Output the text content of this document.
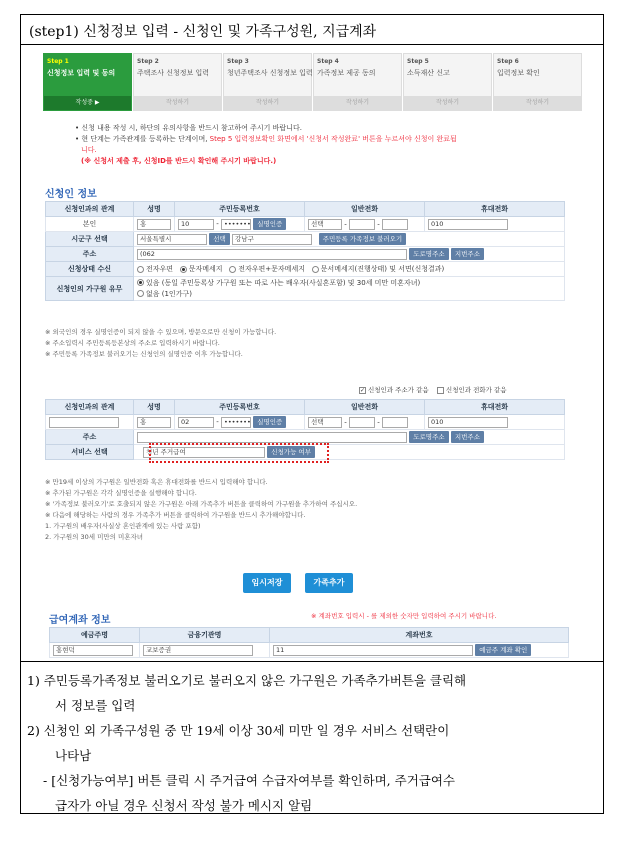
(step1) 신청정보 입력 - 신청인 및 가족구성원, 지급계좌
Step 1
신청정보 입력 및 동의
작성중 ▶
Step 2
주택조사 신청정보 입력
작성하기
Step 3
청년주택조사 신청정보 입력
작성하기
Step 4
가족정보 제공 동의
작성하기
Step 5
소득재산 신고
작성하기
Step 6
입력정보 확인
작성하기
• 신청 내용 작성 시, 하단의 유의사항을 반드시 참고하여 주시기 바랍니다.
• 현 단계는 가족관계를 등록하는 단계이며, Step 5 입력정보확인 화면에서 '신청서 작성완료' 버튼을 누르셔야 신청이 완료됩
니다.
(※ 신청서 제출 후, 신청ID를 반드시 확인해 주시기 바랍니다.)
신청인 정보
신청인과의 관계	성명	주민등록번호	일반전화	휴대전화
본인	홍	10 - ••••••• 실명인증	선택 - -	010
시군구 선택	서울특별시 선택 강남구 주민등록 가족정보 불러오기			
주소	(062 도로명주소 지번주소			
신청상태 수신	전자우편 문자메세지 전자우편+문자메세지 문서메세지(진행상태) 및 서면(신청결과)			
신청인의 가구원 유무	있음 (동일 주민등록상 가구원 또는 따로 사는 배우자(사실혼포함) 및 30세 미만 미혼자녀)
없음 (1인가구)			
※ 외국인의 경우 실명인증이 되지 않을 수 있으며, 방문으로만 신청이 가능합니다.
※ 주소입력시 주민등록등본상의 주소로 입력하시기 바랍니다.
※ 주민등록 가족정보 불러오기는 신청인의 실명인증 이후 가능합니다.
✓ 신청인과 주소가 같음	신청인과 전화가 같음
신청인과의 관계	성명	주민등록번호	일반전화	휴대전화
	홍	02 - ••••••• 실명인증	선택 - -	010
주소	도로명주소 지번주소			
서비스 선택	청년 주거급여 신청가능 여부			
※ 만19세 이상의 가구원은 일반전화 혹은 휴대전화를 반드시 입력해야 합니다.
※ 추가된 가구원은 각각 실명인증을 실행해야 합니다.
※ '가족정보 불러오기'로 호출되지 않은 가구원은 아래 가족추가 버튼을 클릭하여 가구원을 추가하여 주십시오.
※ 다음에 해당하는 사람의 경우 가족추가 버튼을 클릭하여 가구원을 반드시 추가해야합니다.
1. 가구원의 배우자(사실상 혼인관계에 있는 사람 포함)
2. 가구원의 30세 미만의 미혼자녀
임시저장	가족추가
급여계좌 정보	※ 계좌번호 입력시 - 를 제외한 숫자만 입력하여 주시기 바랍니다.
예금주명	금융기관명	계좌번호
홍현덕	교보증권	11 예금주 계좌 확인
1) 주민등록가족정보 불러오기로 불러오지 않은 가구원은 가족추가버튼을 클릭해
서 정보를 입력
2) 신청인 외 가족구성원 중 만 19세 이상 30세 미만 일 경우 서비스 선택란이
나타남
- [신청가능여부] 버튼 클릭 시 주거급여 수급자여부를 확인하며, 주거급여수
급자가 아닐 경우 신청서 작성 불가 메시지 알림
